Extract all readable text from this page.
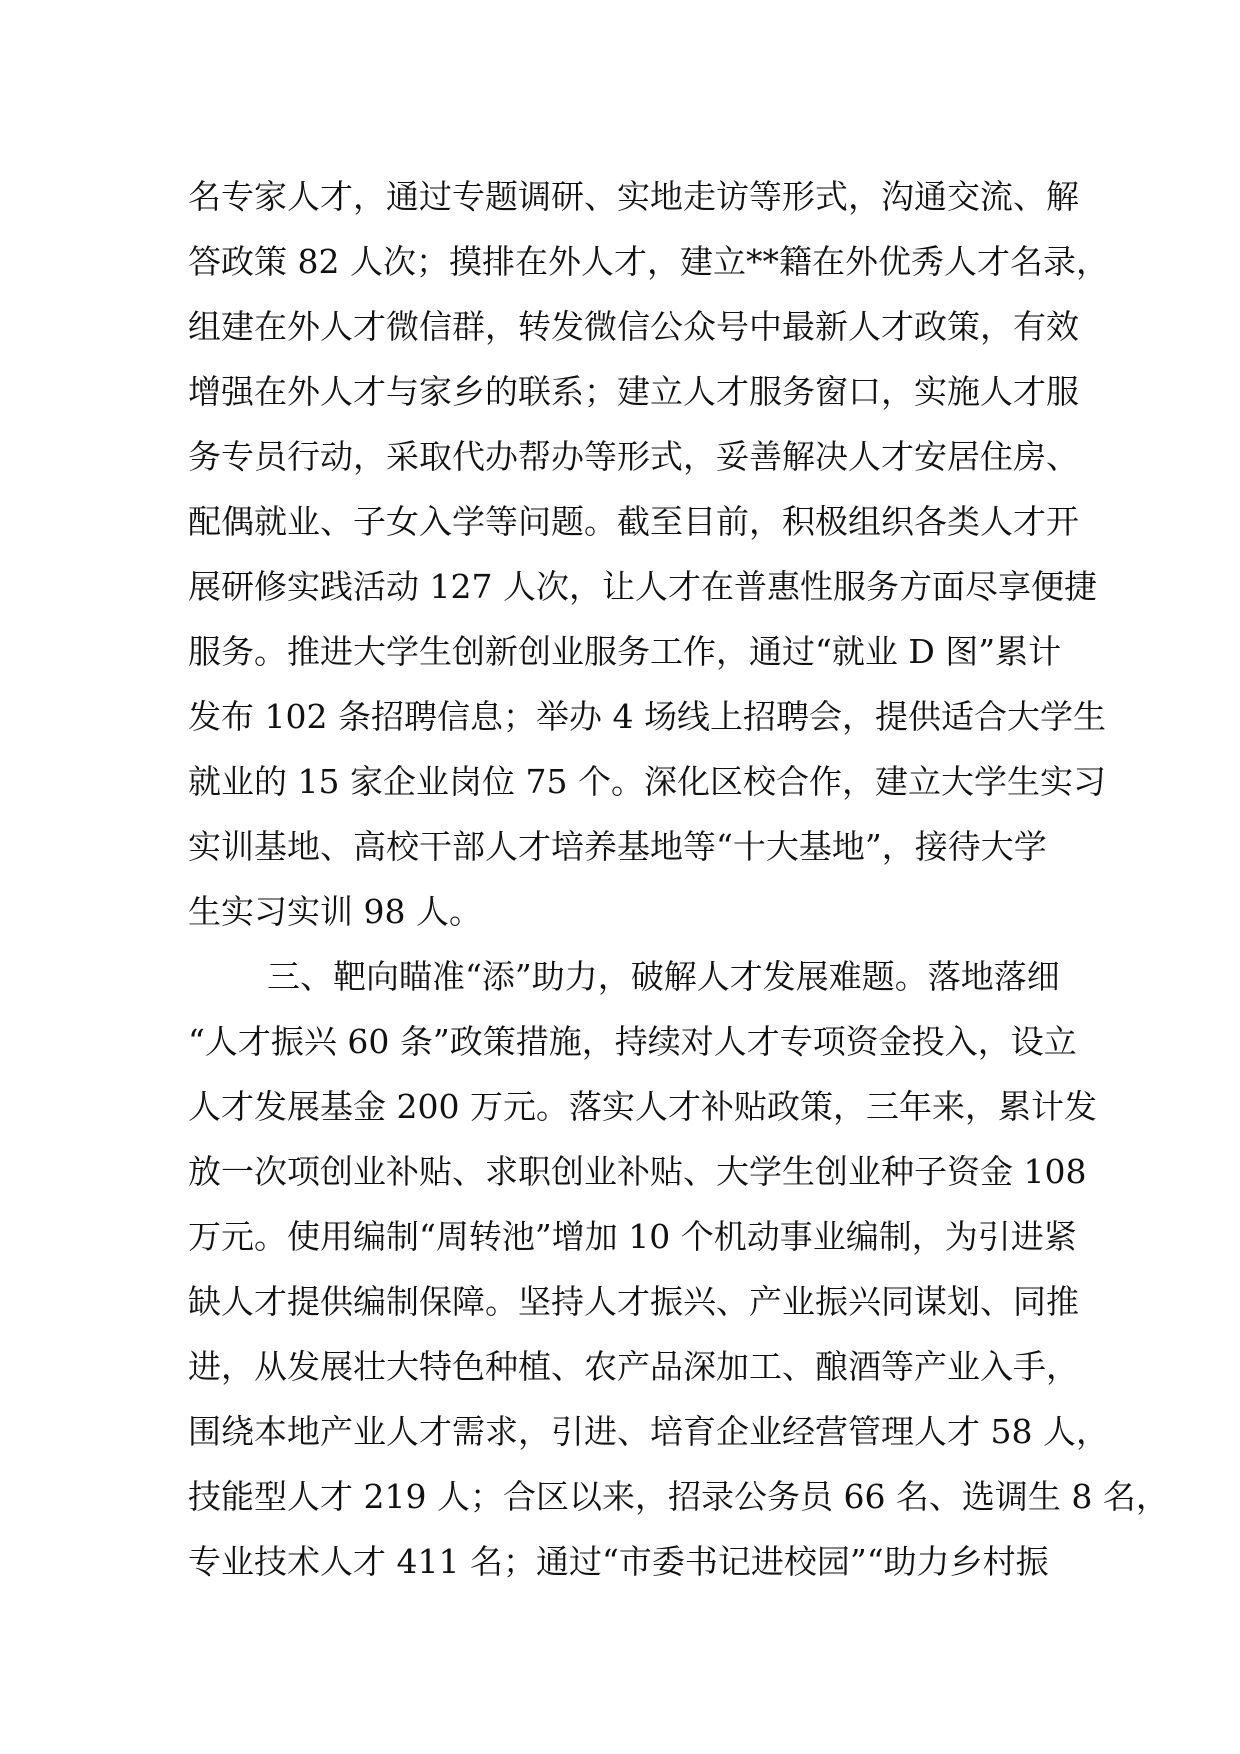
名专家人才，通过专题调研、实地走访等形式，沟通交流、解
答政策 82 人次；摸排在外人才，建立**籍在外优秀人才名录，
组建在外人才微信群，转发微信公众号中最新人才政策，有效
增强在外人才与家乡的联系；建立人才服务窗口，实施人才服
务专员行动，采取代办帮办等形式，妥善解决人才安居住房、
配偶就业、子女入学等问题。截至目前，积极组织各类人才开
展研修实践活动 127 人次，让人才在普惠性服务方面尽享便捷
服务。推进大学生创新创业服务工作，通过“就业 D 图”累计
发布 102 条招聘信息；举办 4 场线上招聘会，提供适合大学生
就业的 15 家企业岗位 75 个。深化区校合作，建立大学生实习
实训基地、高校干部人才培养基地等“十大基地”，接待大学
生实习实训 98 人。
三、靶向瞄准“添”助力，破解人才发展难题。落地落细
“人才振兴 60 条”政策措施，持续对人才专项资金投入，设立
人才发展基金 200 万元。落实人才补贴政策，三年来，累计发
放一次项创业补贴、求职创业补贴、大学生创业种子资金 108
万元。使用编制“周转池”增加 10 个机动事业编制，为引进紧
缺人才提供编制保障。坚持人才振兴、产业振兴同谋划、同推
进，从发展壮大特色种植、农产品深加工、酿酒等产业入手，
围绕本地产业人才需求，引进、培育企业经营管理人才 58 人，
技能型人才 219 人；合区以来，招录公务员 66 名、选调生 8 名，
专业技术人才 411 名；通过“市委书记进校园”“助力乡村振
